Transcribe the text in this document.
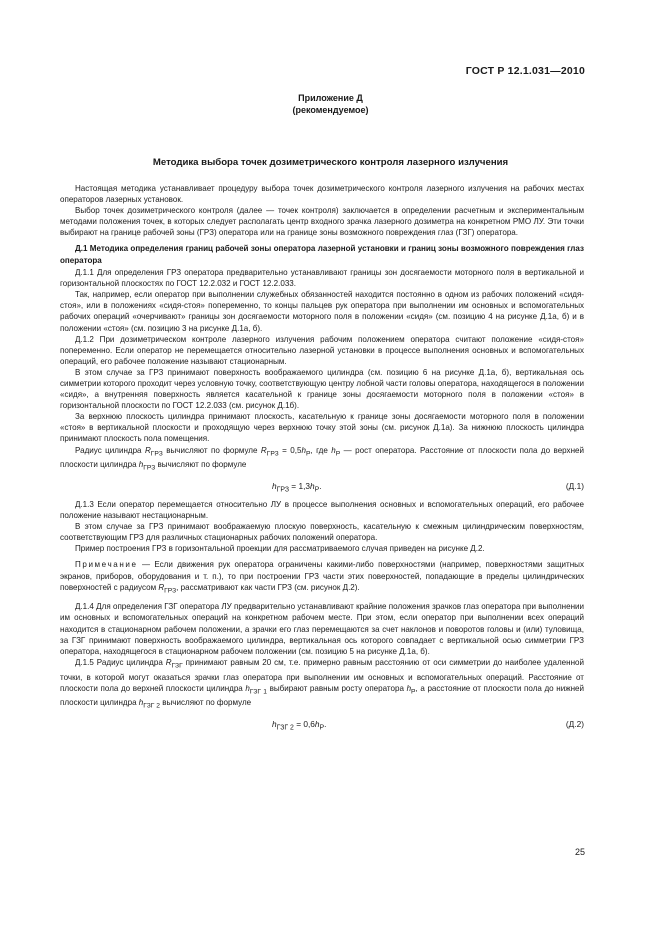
ГОСТ Р 12.1.031—2010
Приложение Д
(рекомендуемое)
Методика выбора точек дозиметрического контроля лазерного излучения

Настоящая методика устанавливает процедуру выбора точек дозиметрического контроля лазерного излучения на рабочих местах операторов лазерных установок.

Выбор точек дозиметрического контроля (далее — точек контроля) заключается в определении расчетным и экспериментальным методами положения точек, в которых следует располагать центр входного зрачка лазерного дозиметра на конкретном РМО ЛУ. Эти точки выбирают на границе рабочей зоны (ГРЗ) оператора или на границе зоны возможного повреждения глаз (ГЗГ) оператора.

Д.1 Методика определения границ рабочей зоны оператора лазерной установки и границ зоны возможного повреждения глаз оператора

Д.1.1 Для определения ГРЗ оператора предварительно устанавливают границы зон досягаемости моторного поля в вертикальной и горизонтальной плоскостях по ГОСТ 12.2.032 и ГОСТ 12.2.033.

Так, например, если оператор при выполнении служебных обязанностей находится постоянно в одном из рабочих положений «сидя-стоя», или в положениях «сидя-стоя» попеременно, то концы пальцев рук оператора при выполнении им основных и вспомогательных рабочих операций «очерчивают» границы зон досягаемости моторного поля в положении «сидя» (см. позицию 4 на рисунке Д.1а, б) и в положении «стоя» (см. позицию 3 на рисунке Д.1а, б).

Д.1.2 При дозиметрическом контроле лазерного излучения рабочим положением оператора считают положение «сидя-стоя» попеременно. Если оператор не перемещается относительно лазерной установки в процессе выполнения основных и вспомогательных операций, его рабочее положение называют стационарным.

В этом случае за ГРЗ принимают поверхность воображаемого цилиндра (см. позицию 6 на рисунке Д.1а, б), вертикальная ось симметрии которого проходит через условную точку, соответствующую центру лобной части головы оператора, находящегося в положении «сидя», а внутренняя поверхность является касательной к границе зоны досягаемости моторного поля в положении «стоя» в горизонтальной плоскости по ГОСТ 12.2.033 (см. рисунок Д.1б).

За верхнюю плоскость цилиндра принимают плоскость, касательную к границе зоны досягаемости моторного поля в положении «стоя» в вертикальной плоскости и проходящую через верхнюю точку этой зоны (см. рисунок Д.1а). За нижнюю плоскость цилиндра принимают плоскость пола помещения.

Радиус цилиндра $R_{ГРЗ}$ вычисляют по формуле $R_{ГРЗ} = 0,5h_Р$, где $h_Р$ — рост оператора. Расстояние от плоскости пола до верхней плоскости цилиндра $h_{ГРЗ}$ вычисляют по формуле

$h_{ГРЗ} = 1,3h_Р$.	(Д.1)

Д.1.3 Если оператор перемещается относительно ЛУ в процессе выполнения основных и вспомогательных операций, его рабочее положение называют нестационарным.

В этом случае за ГРЗ принимают воображаемую плоскую поверхность, касательную к смежным цилиндрическим поверхностям, соответствующим ГРЗ для различных стационарных рабочих положений оператора.

Пример построения ГРЗ в горизонтальной проекции для рассматриваемого случая приведен на рисунке Д.2.

Примечание — Если движения рук оператора ограничены какими-либо поверхностями (например, поверхностями защитных экранов, приборов, оборудования и т. п.), то при построении ГРЗ части этих поверхностей, попадающие в пределы цилиндрических поверхностей с радиусом $R_{ГРЗ}$, рассматривают как части ГРЗ (см. рисунок Д.2).

Д.1.4 Для определения ГЗГ оператора ЛУ предварительно устанавливают крайние положения зрачков глаз оператора при выполнении им основных и вспомогательных операций на конкретном рабочем месте. При этом, если оператор при выполнении всех операций находится в стационарном рабочем положении, а зрачки его глаз перемещаются за счет наклонов и поворотов головы и (или) туловища, за ГЗГ принимают поверхность воображаемого цилиндра, вертикальная ось которого совпадает с вертикальной осью симметрии ГРЗ оператора, находящегося в стационарном рабочем положении (см. позицию 5 на рисунке Д.1а, б).

Д.1.5 Радиус цилиндра $R_{ГЗГ}$ принимают равным 20 см, т.е. примерно равным расстоянию от оси симметрии до наиболее удаленной точки, в которой могут оказаться зрачки глаз оператора при выполнении им основных и вспомогательных операций. Расстояние от плоскости пола до верхней плоскости цилиндра $h_{ГЗГ 1}$ выбирают равным росту оператора $h_Р$, а расстояние от плоскости пола до нижней плоскости цилиндра $h_{ГЗГ 2}$ вычисляют по формуле

$h_{ГЗГ 2} = 0,6h_Р$.	(Д.2)
25
